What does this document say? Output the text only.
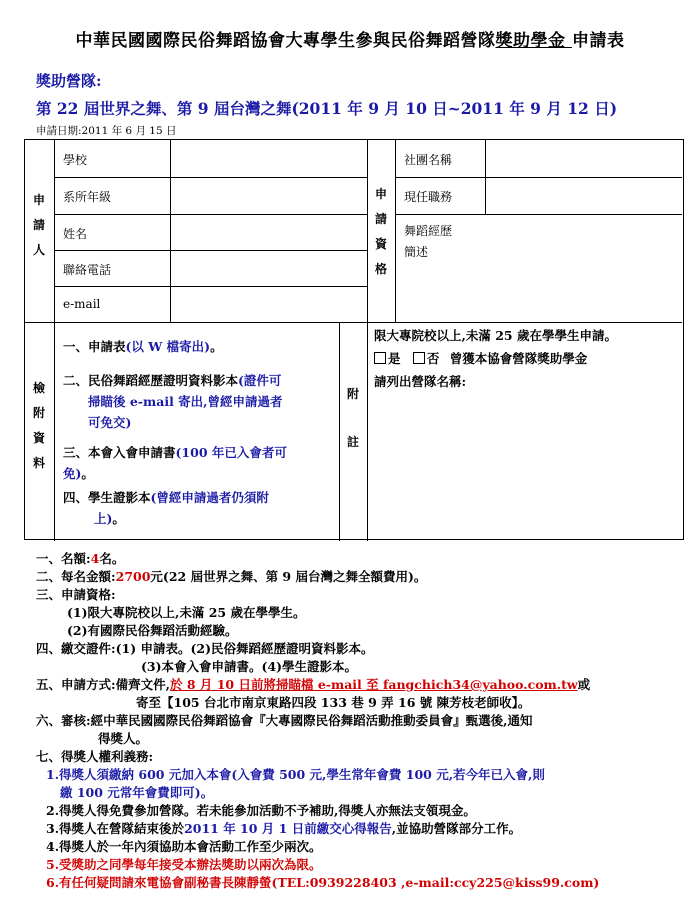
中華民國國際民俗舞蹈協會大專學生參與民俗舞蹈營隊獎助學金 申請表
獎助營隊:
第 22 屆世界之舞、第 9 屆台灣之舞(2011 年 9 月 10 日~2011 年 9 月 12 日)
申請日期:2011 年 6 月 15 日
申
請
人
學校
系所年級
姓名
聯絡電話
e-mail
申
請
資
格
社團名稱
現任職務
舞蹈經歷
簡述
檢
附
資
料
一、申請表(以 W 檔寄出)。
二、民俗舞蹈經歷證明資料影本(證件可
掃瞄後 e-mail 寄出,曾經申請過者
可免交)
三、本會入會申請書(100 年已入會者可
免)。
四、學生證影本(曾經申請過者仍須附
上)。
附
註
限大專院校以上,未滿 25 歲在學學生申請。
是 否 曾獲本協會營隊獎助學金
請列出營隊名稱:
一、名額:4名。
二、每名金額:2700元(22 屆世界之舞、第 9 屆台灣之舞全額費用)。
三、申請資格:
(1)限大專院校以上,未滿 25 歲在學學生。
(2)有國際民俗舞蹈活動經驗。
四、繳交證件:(1) 申請表。(2)民俗舞蹈經歷證明資料影本。
(3)本會入會申請書。(4)學生證影本。
五、申請方式:備齊文件,於 8 月 10 日前將掃瞄檔 e-mail 至 fangchich34@yahoo.com.tw或
寄至【105 台北市南京東路四段 133 巷 9 弄 16 號 陳芳枝老師收】。
六、審核:經中華民國國際民俗舞蹈協會『大專國際民俗舞蹈活動推動委員會』甄選後,通知
得獎人。
七、得獎人權利義務:
1.得獎人須繳納 600 元加入本會(入會費 500 元,學生常年會費 100 元,若今年已入會,則
繳 100 元常年會費即可)。
2.得獎人得免費參加營隊。若未能參加活動不予補助,得獎人亦無法支領現金。
3.得獎人在營隊結束後於2011 年 10 月 1 日前繳交心得報告,並協助營隊部分工作。
4.得獎人於一年內須協助本會活動工作至少兩次。
5.受獎助之同學每年接受本辦法獎助以兩次為限。
6.有任何疑問請來電協會副秘書長陳靜螢(TEL:0939228403 ,e-mail:ccy225@kiss99.com)
